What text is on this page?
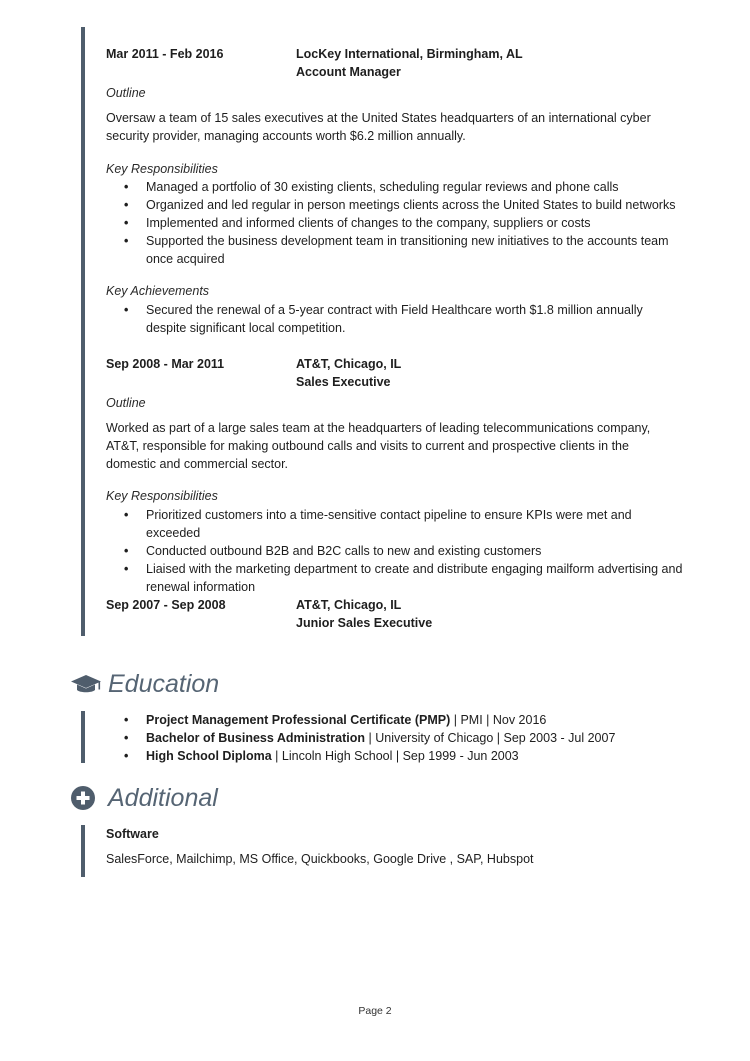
Mar 2011 - Feb 2016	LocKey International, Birmingham, AL
Account Manager
Outline

Oversaw a team of 15 sales executives at the United States headquarters of an international cyber security provider, managing accounts worth $6.2 million annually.

Key Responsibilities
• Managed a portfolio of 30 existing clients, scheduling regular reviews and phone calls
• Organized and led regular in person meetings clients across the United States to build networks
• Implemented and informed clients of changes to the company, suppliers or costs
• Supported the business development team in transitioning new initiatives to the accounts team once acquired
Key Achievements
• Secured the renewal of a 5-year contract with Field Healthcare worth $1.8 million annually despite significant local competition.
Sep 2008 - Mar 2011	AT&T, Chicago, IL
Sales Executive
Outline

Worked as part of a large sales team at the headquarters of leading telecommunications company, AT&T, responsible for making outbound calls and visits to current and prospective clients in the domestic and commercial sector.

Key Responsibilities
• Prioritized customers into a time-sensitive contact pipeline to ensure KPIs were met and exceeded
• Conducted outbound B2B and B2C calls to new and existing customers
• Liaised with the marketing department to create and distribute engaging mailform advertising and renewal information
Sep 2007 - Sep 2008	AT&T, Chicago, IL
Junior Sales Executive
Education
• Project Management Professional Certificate (PMP) | PMI | Nov 2016
• Bachelor of Business Administration | University of Chicago | Sep 2003 - Jul 2007
• High School Diploma | Lincoln High School | Sep 1999 - Jun 2003
Additional
Software

SalesForce, Mailchimp, MS Office, Quickbooks, Google Drive , SAP, Hubspot

Page 2
